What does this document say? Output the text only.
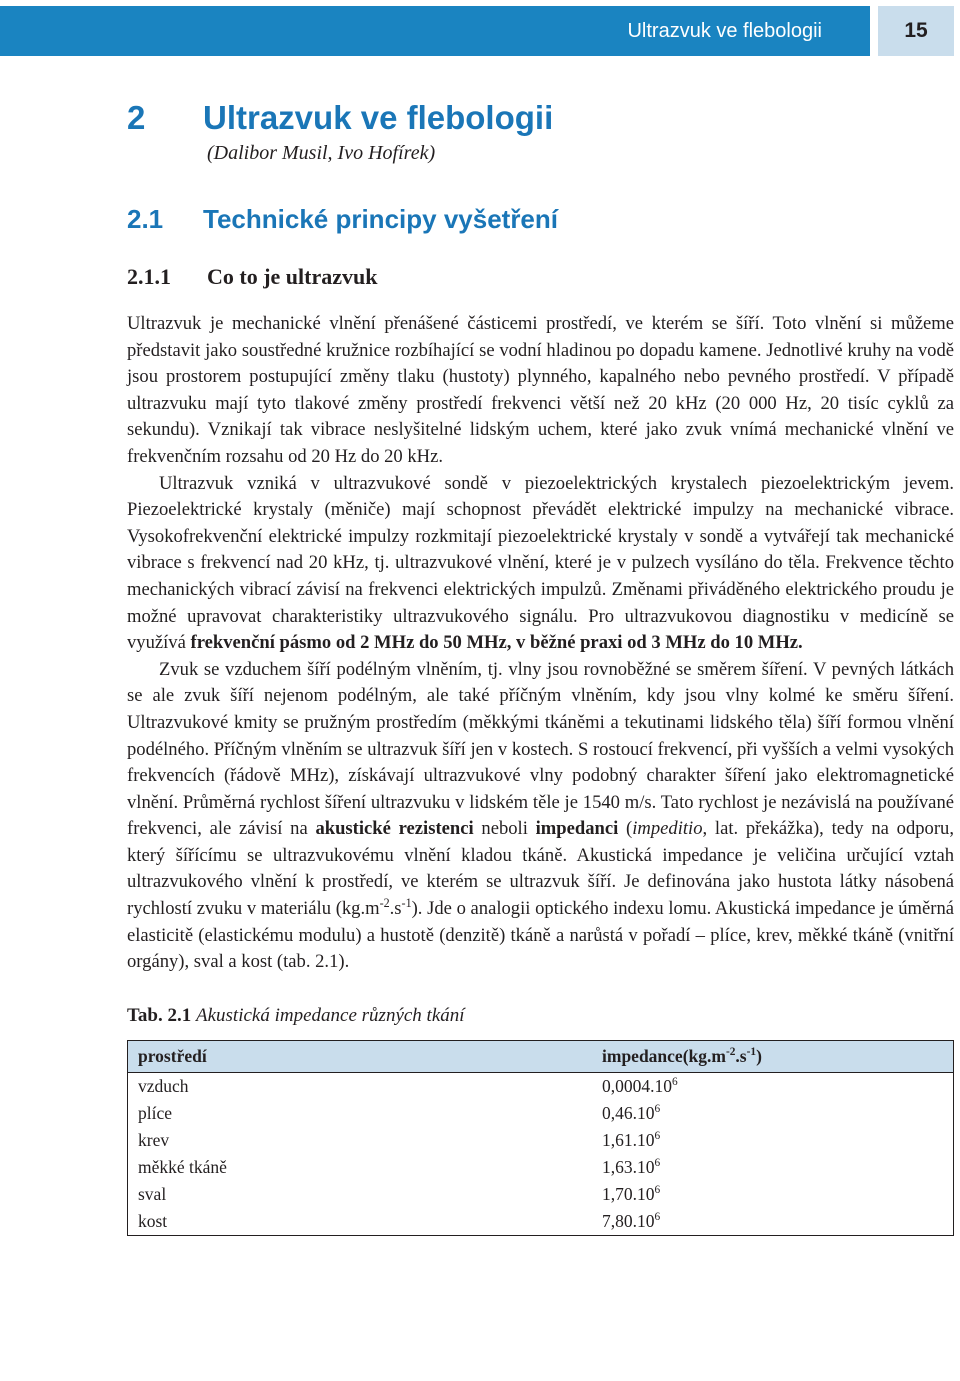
Ultrazvuk ve flebologii	15
2 Ultrazvuk ve flebologii
(Dalibor Musil, Ivo Hofírek)
2.1 Technické principy vyšetření
2.1.1 Co to je ultrazvuk

Ultrazvuk je mechanické vlnění přenášené částicemi prostředí, ve kterém se šíří. Toto vlnění si můžeme představit jako soustředné kružnice rozbíhající se vodní hladinou po dopadu kamene. Jednotlivé kruhy na vodě jsou prostorem postupující změny tlaku (hustoty) plynného, kapalného nebo pevného prostředí. V případě ultrazvuku mají tyto tlakové změny prostředí frekvenci větší než 20 kHz (20 000 Hz, 20 tisíc cyklů za sekundu). Vznikají tak vibrace neslyšitelné lidským uchem, které jako zvuk vnímá mechanické vlnění ve frekvenčním rozsahu od 20 Hz do 20 kHz.

Ultrazvuk vzniká v ultrazvukové sondě v piezoelektrických krystalech piezoelektrickým jevem. Piezoelektrické krystaly (měniče) mají schopnost převádět elektrické impulzy na mechanické vibrace. Vysokofrekvenční elektrické impulzy rozkmitají piezoelektrické krystaly v sondě a vytvářejí tak mechanické vibrace s frekvencí nad 20 kHz, tj. ultrazvukové vlnění, které je v pulzech vysíláno do těla. Frekvence těchto mechanických vibrací závisí na frekvenci elektrických impulzů. Změnami přiváděného elektrického proudu je možné upravovat charakteristiky ultrazvukového signálu. Pro ultrazvukovou diagnostiku v medicíně se využívá frekvenční pásmo od 2 MHz do 50 MHz, v běžné praxi od 3 MHz do 10 MHz.

Zvuk se vzduchem šíří podélným vlněním, tj. vlny jsou rovnoběžné se směrem šíření. V pevných látkách se ale zvuk šíří nejenom podélným, ale také příčným vlněním, kdy jsou vlny kolmé ke směru šíření. Ultrazvukové kmity se pružným prostředím (měkkými tkáněmi a tekutinami lidského těla) šíří formou vlnění podélného. Příčným vlněním se ultrazvuk šíří jen v kostech. S rostoucí frekvencí, při vyšších a velmi vysokých frekvencích (řádově MHz), získávají ultrazvukové vlny podobný charakter šíření jako elektromagnetické vlnění. Průměrná rychlost šíření ultrazvuku v lidském těle je 1540 m/s. Tato rychlost je nezávislá na používané frekvenci, ale závisí na akustické rezistenci neboli impedanci (impeditio, lat. překážka), tedy na odporu, který šířícímu se ultrazvukovému vlnění kladou tkáně. Akustická impedance je veličina určující vztah ultrazvukového vlnění k prostředí, ve kterém se ultrazvuk šíří. Je definována jako hustota látky násobená rychlostí zvuku v materiálu $(kg.m^{-2}.s^{-1})$. Jde o analogii optického indexu lomu. Akustická impedance je úměrná elasticitě (elastickému modulu) a hustotě (denzitě) tkáně a narůstá v pořadí – plíce, krev, měkké tkáně (vnitřní orgány), sval a kost (tab. 2.1).

Tab. 2.1 Akustická impedance různých tkání
prostředí	$impedance(kg.m^{-2}.s^{-1})$
vzduch	0,0004.10$^6$
plíce	0,46.10$^6$
krev	1,61.10$^6$
měkké tkáně	1,63.10$^6$
sval	1,70.10$^6$
kost	7,80.10$^6$
